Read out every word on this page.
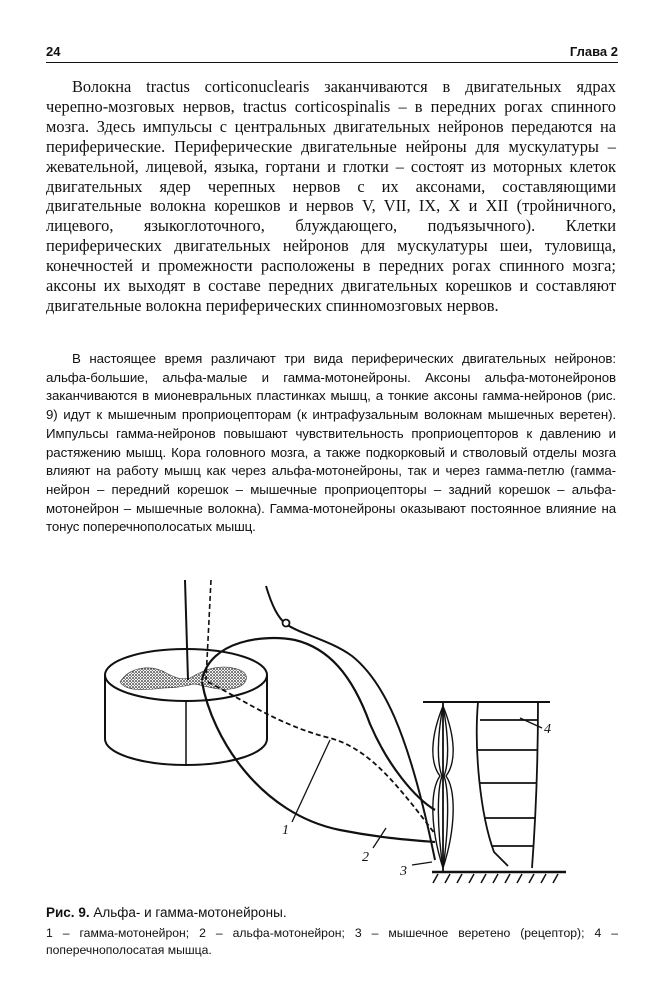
24	Глава 2

Волокна tractus corticonuclearis заканчиваются в двигательных ядрах черепно-мозговых нервов, tractus corticospinalis – в передних рогах спинного мозга. Здесь импульсы с центральных двигательных нейронов передаются на периферические. Периферические двигательные нейроны для мускулатуры – жевательной, лицевой, языка, гортани и глотки – состоят из моторных клеток двигательных ядер черепных нервов с их аксонами, составляющими двигательные волокна корешков и нервов V, VII, IX, X и XII (тройничного, лицевого, языкоглоточного, блуждающего, подъязычного). Клетки периферических двигательных нейронов для мускулатуры шеи, туловища, конечностей и промежности расположены в передних рогах спинного мозга; аксоны их выходят в составе передних двигательных корешков и составляют двигательные волокна периферических спинномозговых нервов.

В настоящее время различают три вида периферических двигательных нейронов: альфа-большие, альфа-малые и гамма-мотонейроны. Аксоны альфа-мотонейронов заканчиваются в мионевральных пластинках мышц, а тонкие аксоны гамма-нейронов (рис. 9) идут к мышечным проприоцепторам (к интрафузальным волокнам мышечных веретен). Импульсы гамма-нейронов повышают чувствительность проприоцепторов к давлению и растяжению мышц. Кора головного мозга, а также подкорковый и стволовый отделы мозга влияют на работу мышц как через альфа-мотонейроны, так и через гамма-петлю (гамма-нейрон – передний корешок – мышечные проприоцепторы – задний корешок – альфа-мотонейрон – мышечные волокна). Гамма-мотонейроны оказывают постоянное влияние на тонус поперечнополосатых мышц.

1
2
3
4

Рис. 9. Альфа- и гамма-мотонейроны.

1 – гамма-мотонейрон; 2 – альфа-мотонейрон; 3 – мышечное веретено (рецептор); 4 – поперечнополосатая мышца.
